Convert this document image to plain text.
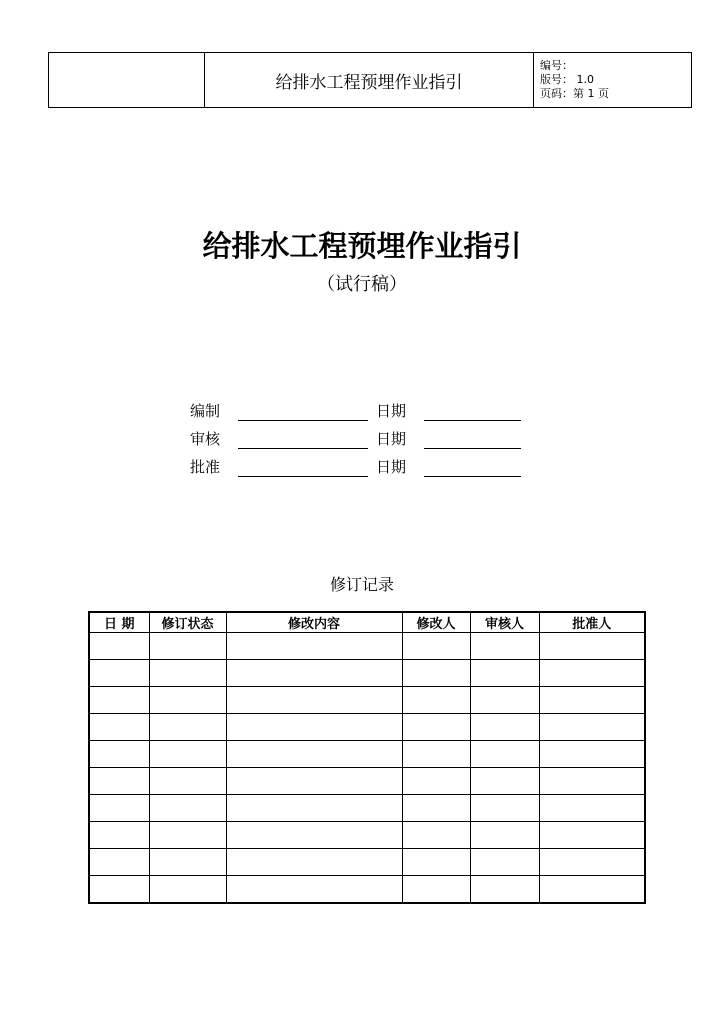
给排水工程预埋作业指引
编号：
版号： 1.0
页码：第 1 页
给排水工程预埋作业指引
（试行稿）
编制	日期
审核	日期
批准	日期
修订记录
日 期	修订状态	修改内容	修改人	审核人	批准人
